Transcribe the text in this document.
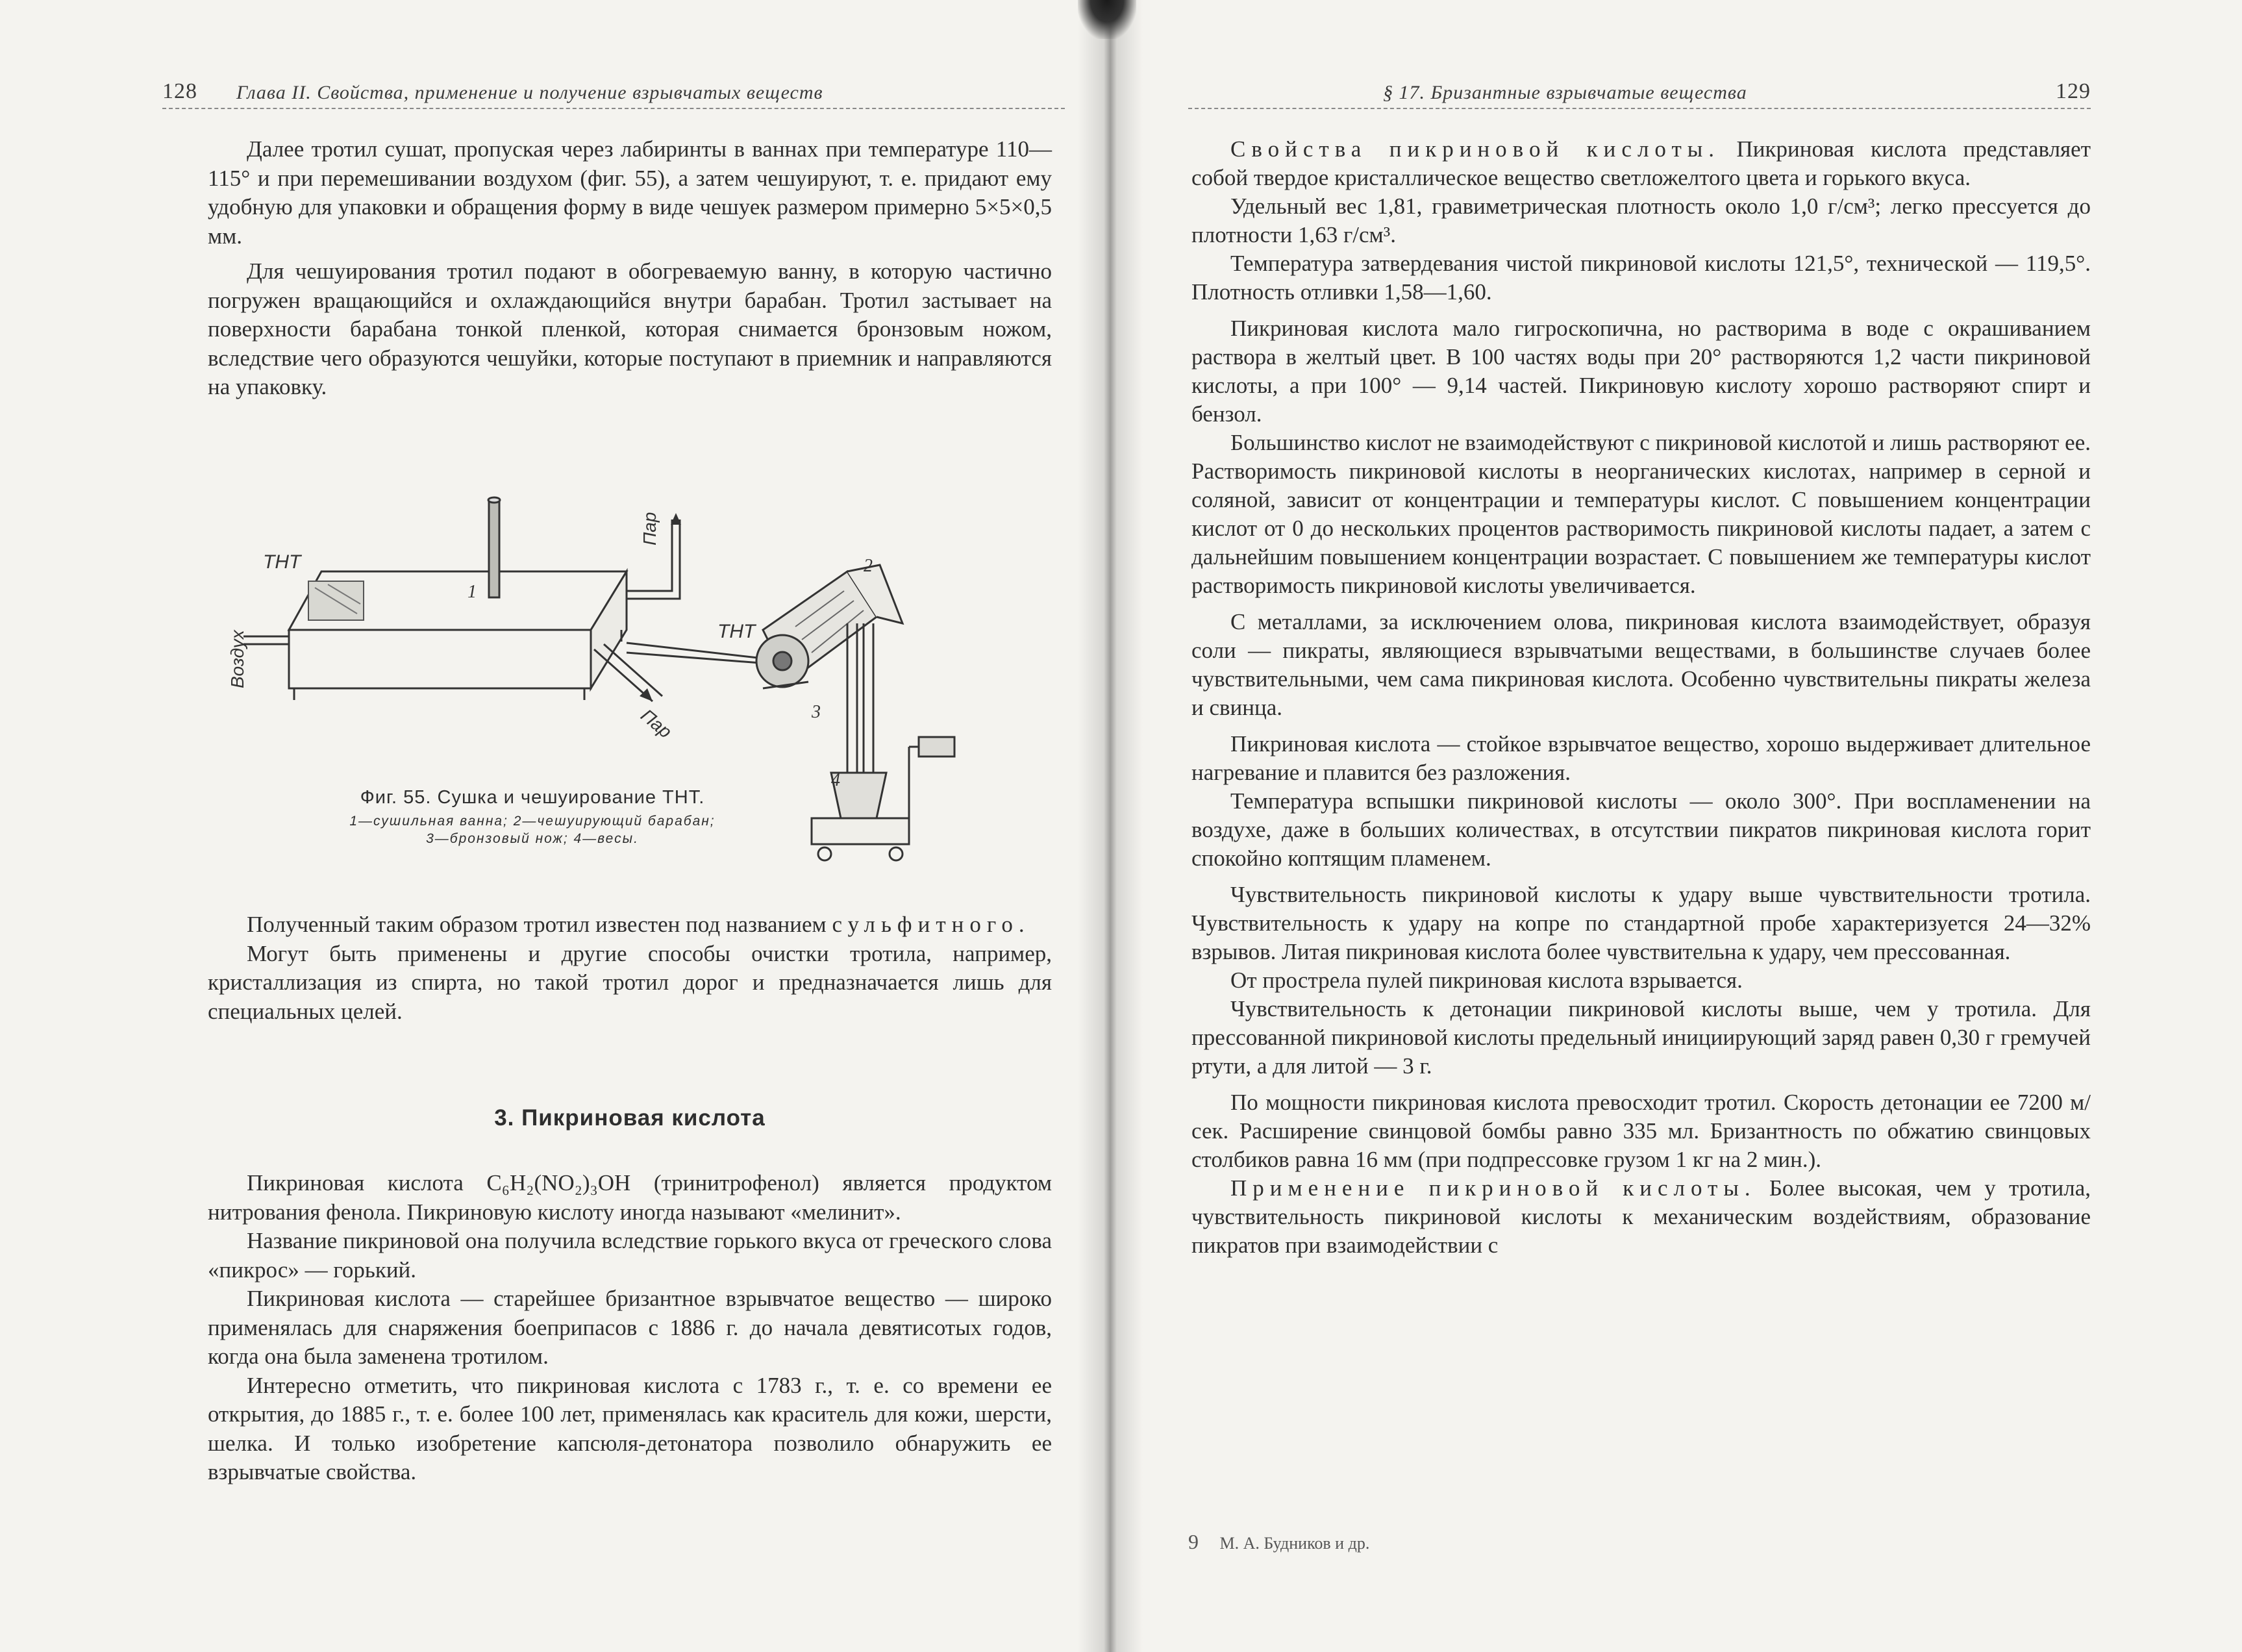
128 Глава II. Свойства, применение и получение взрывчатых веществ

Далее тротил сушат, пропуская через лабиринты в ваннах при температуре 110—115° и при перемешивании воздухом (фиг. 55), а затем чешуируют, т. е. придают ему удобную для упаковки и обращения форму в виде чешуек размером примерно 5×5×0,5 мм.

Для чешуирования тротил подают в обогреваемую ванну, в которую частично погружен вращающийся и охлаждающийся внутри барабан. Тротил застывает на поверхности барабана тонкой пленкой, которая снимается бронзовым ножом, вследствие чего образуются чешуйки, которые поступают в приемник и направляются на упаковку.

ТНТ
ТНТ
Пар
Пар
Воздух
1
2
3
4
Фиг. 55. Сушка и чешуирование ТНТ.
1—сушильная ванна; 2—чешуирующий барабан;
3—бронзовый нож; 4—весы.

Полученный таким образом тротил известен под названием сульфитного.

Могут быть применены и другие способы очистки тротила, например, кристаллизация из спирта, но такой тротил дорог и предназначается лишь для специальных целей.

3. Пикриновая кислота

Пикриновая кислота C₆H₂(NO₂)₃OH (тринитрофенол) является продуктом нитрования фенола. Пикриновую кислоту иногда называют «мелинит».

Название пикриновой она получила вследствие горького вкуса от греческого слова «пикрос» — горький.

Пикриновая кислота — старейшее бризантное взрывчатое вещество — широко применялась для снаряжения боеприпасов с 1886 г. до начала девятисотых годов, когда она была заменена тротилом.

Интересно отметить, что пикриновая кислота с 1783 г., т. е. со времени ее открытия, до 1885 г., т. е. более 100 лет, применялась как краситель для кожи, шерсти, шелка. И только изобретение капсюля-детонатора позволило обнаружить ее взрывчатые свойства.

§ 17. Бризантные взрывчатые вещества	129

Свойства пикриновой кислоты. Пикриновая кислота представляет собой твердое кристаллическое вещество светложелтого цвета и горького вкуса.

Удельный вес 1,81, гравиметрическая плотность около 1,0 г/см³; легко прессуется до плотности 1,63 г/см³.

Температура затвердевания чистой пикриновой кислоты 121,5°, технической — 119,5°. Плотность отливки 1,58—1,60.

Пикриновая кислота мало гигроскопична, но растворима в воде с окрашиванием раствора в желтый цвет. В 100 частях воды при 20° растворяются 1,2 части пикриновой кислоты, а при 100° — 9,14 частей. Пикриновую кислоту хорошо растворяют спирт и бензол.

Большинство кислот не взаимодействуют с пикриновой кислотой и лишь растворяют ее. Растворимость пикриновой кислоты в неорганических кислотах, например в серной и соляной, зависит от концентрации и температуры кислот. С повышением концентрации кислот от 0 до нескольких процентов растворимость пикриновой кислоты падает, а затем с дальнейшим повышением концентрации возрастает. С повышением же температуры кислот растворимость пикриновой кислоты увеличивается.

С металлами, за исключением олова, пикриновая кислота взаимодействует, образуя соли — пикраты, являющиеся взрывчатыми веществами, в большинстве случаев более чувствительными, чем сама пикриновая кислота. Особенно чувствительны пикраты железа и свинца.

Пикриновая кислота — стойкое взрывчатое вещество, хорошо выдерживает длительное нагревание и плавится без разложения.

Температура вспышки пикриновой кислоты — около 300°. При воспламенении на воздухе, даже в больших количествах, в отсутствии пикратов пикриновая кислота горит спокойно коптящим пламенем.

Чувствительность пикриновой кислоты к удару выше чувствительности тротила. Чувствительность к удару на копре по стандартной пробе характеризуется 24—32% взрывов. Литая пикриновая кислота более чувствительна к удару, чем прессованная.

От прострела пулей пикриновая кислота взрывается.

Чувствительность к детонации пикриновой кислоты выше, чем у тротила. Для прессованной пикриновой кислоты предельный инициирующий заряд равен 0,30 г гремучей ртути, а для литой — 3 г.

По мощности пикриновая кислота превосходит тротил. Скорость детонации ее 7200 м/сек. Расширение свинцовой бомбы равно 335 мл. Бризантность по обжатию свинцовых столбиков равна 16 мм (при подпрессовке грузом 1 кг на 2 мин.).

Применение пикриновой кислоты. Более высокая, чем у тротила, чувствительность пикриновой кислоты к механическим воздействиям, образование пикратов при взаимодействии с

9 М. А. Будников и др.
